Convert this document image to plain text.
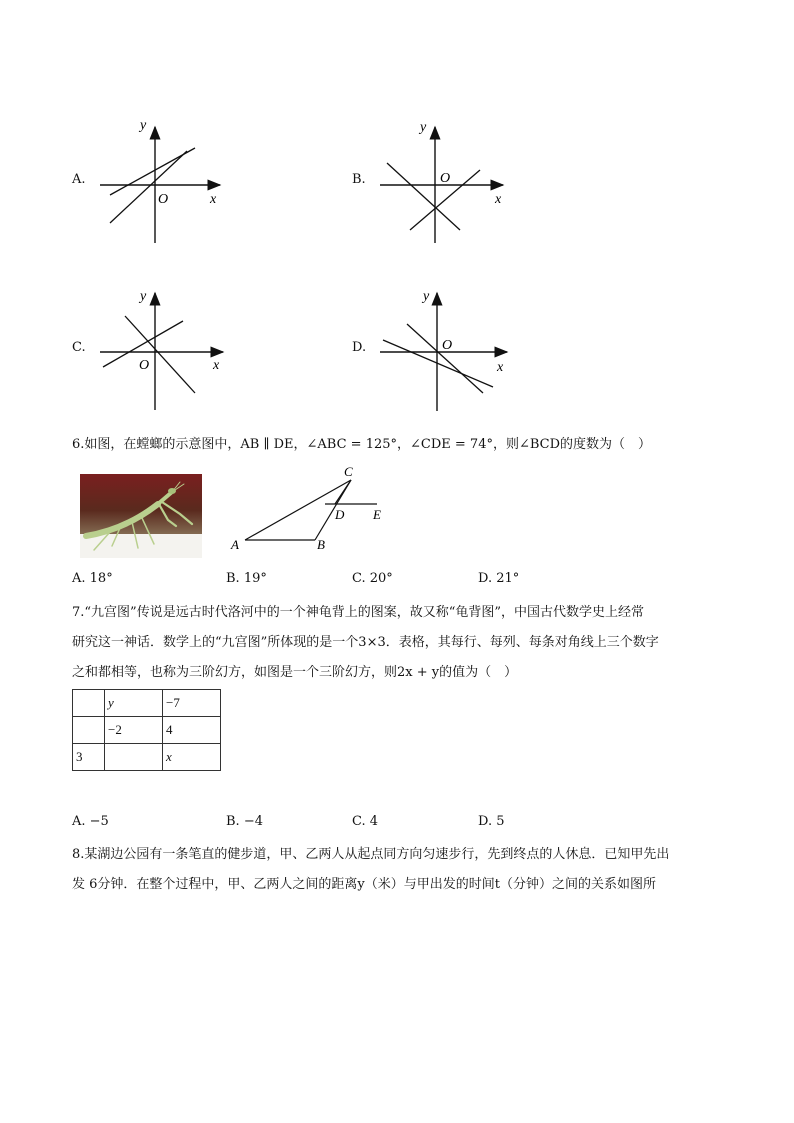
A.
y
x
O
B.
y
x
O
C.
y
x
O
D.
y
x
O
6.如图，在螳螂的示意图中，AB ∥ DE，∠ABC = 125°，∠CDE = 74°，则∠BCD的度数为（　）
A	B
C
D E
A. 18°	B. 19°	C. 20°	D. 21°
7.“九宫图”传说是远古时代洛河中的一个神龟背上的图案，故又称“龟背图”，中国古代数学史上经常
研究这一神话．数学上的“九宫图”所体现的是一个3×3．表格，其每行、每列、每条对角线上三个数字
之和都相等，也称为三阶幻方，如图是一个三阶幻方，则2x + y的值为（　）
	y	−7
	−2	4
3		x
A. −5	B. −4	C. 4	D. 5
8.某湖边公园有一条笔直的健步道，甲、乙两人从起点同方向匀速步行，先到终点的人休息．已知甲先出
发 6分钟．在整个过程中，甲、乙两人之间的距离y（米）与甲出发的时间t（分钟）之间的关系如图所
